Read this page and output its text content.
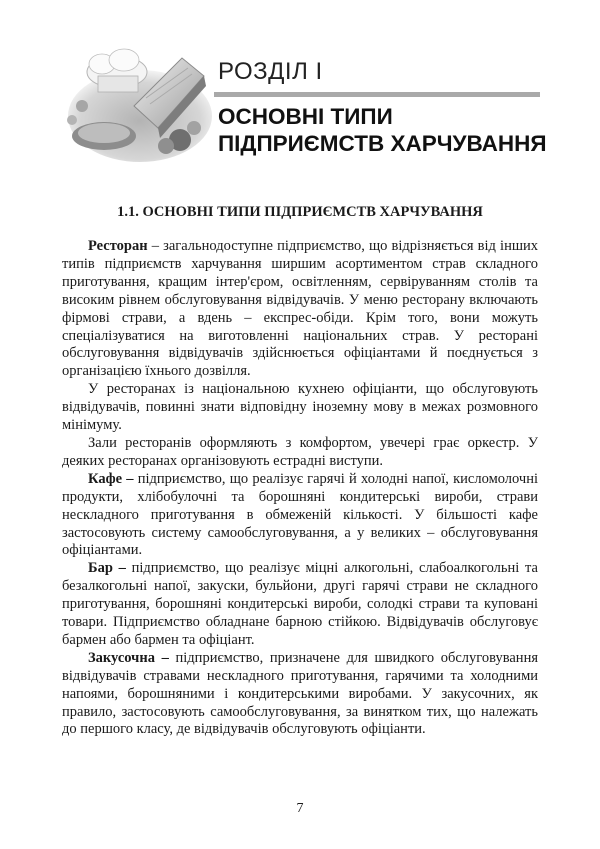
РОЗДІЛ І
ОСНОВНІ ТИПИ ПІДПРИЄМСТВ ХАРЧУВАННЯ
1.1. ОСНОВНІ ТИПИ ПІДПРИЄМСТВ ХАРЧУВАННЯ

Ресторан – загальнодоступне підприємство, що відрізняється від інших типів підприємств харчування ширшим асортиментом страв складного приготування, кращим інтер'єром, освітленням, сервіруванням столів та високим рівнем обслуговування відвідувачів. У меню ресторану включають фірмові страви, а вдень – експрес-обіди. Крім того, вони можуть спеціалізуватися на виготовленні національних страв. У ресторані обслуговування відвідувачів здійснюється офіціантами й поєднується з організацією їхнього дозвілля.

У ресторанах із національною кухнею офіціанти, що обслуговують відвідувачів, повинні знати відповідну іноземну мову в межах розмовного мінімуму.

Зали ресторанів оформляють з комфортом, увечері грає оркестр. У деяких ресторанах організовують естрадні виступи.

Кафе – підприємство, що реалізує гарячі й холодні напої, кисломолочні продукти, хлібобулочні та борошняні кондитерські вироби, страви нескладного приготування в обмеженій кількості. У більшості кафе застосовують систему самообслуговування, а у великих – обслуговування офіціантами.

Бар – підприємство, що реалізує міцні алкогольні, слабоалкогольні та безалкогольні напої, закуски, бульйони, другі гарячі страви не складного приготування, борошняні кондитерські вироби, солодкі страви та куповані товари. Підприємство обладнане барною стійкою. Відвідувачів обслуговує бармен або бармен та офіціант.

Закусочна – підприємство, призначене для швидкого обслуговування відвідувачів стравами нескладного приготування, гарячими та холодними напоями, борошняними і кондитерськими виробами. У закусочних, як правило, застосовують самообслуговування, за винятком тих, що належать до першого класу, де відвідувачів обслуговують офіціанти.

7
